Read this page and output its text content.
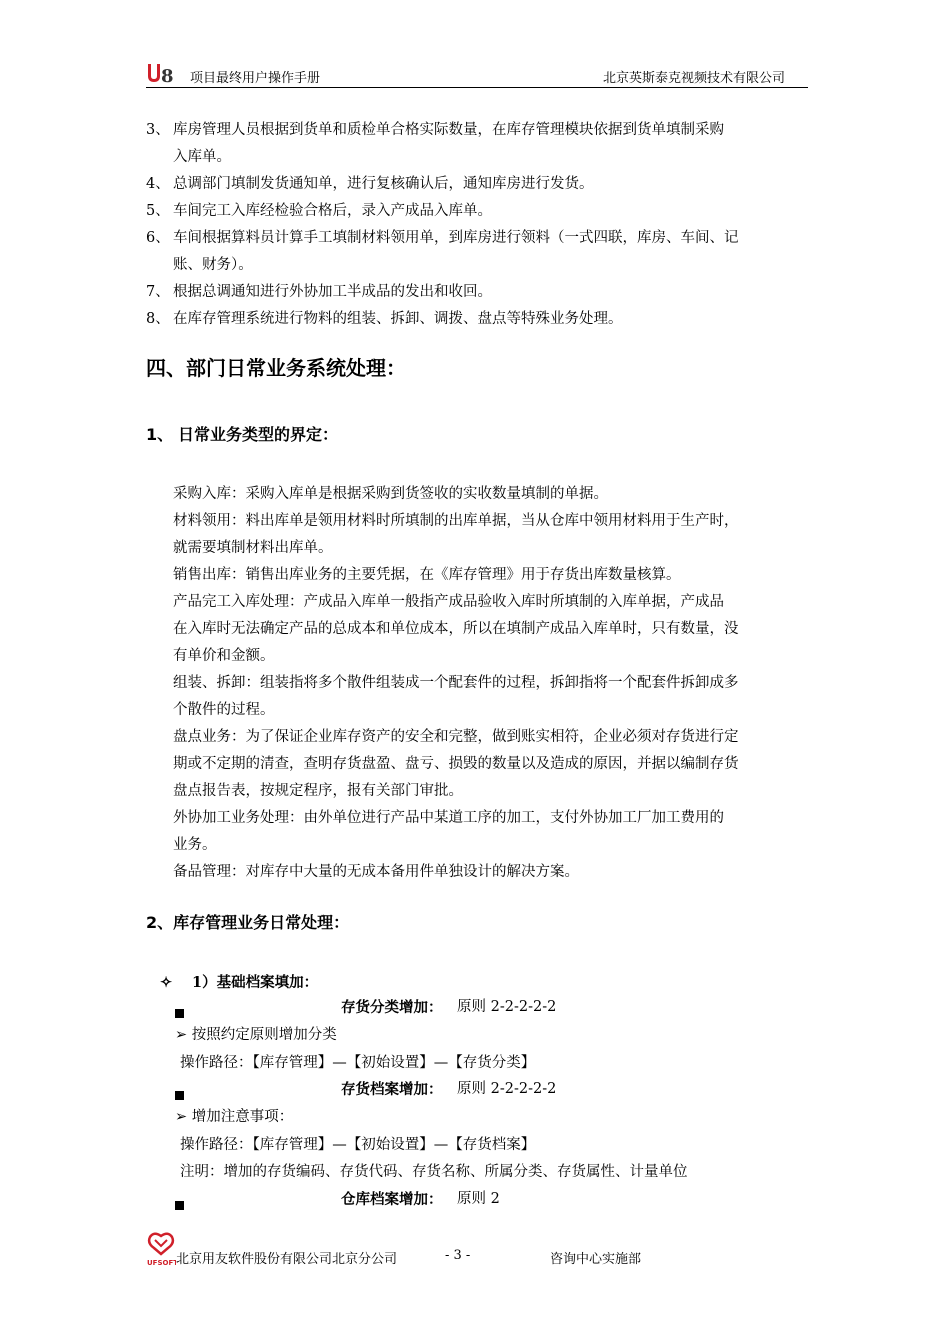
8 项目最终用户操作手册	北京英斯泰克视频技术有限公司
3、 库房管理人员根据到货单和质检单合格实际数量，在库存管理模块依据到货单填制采购
入库单。
4、 总调部门填制发货通知单，进行复核确认后，通知库房进行发货。
5、 车间完工入库经检验合格后，录入产成品入库单。
6、 车间根据算料员计算手工填制材料领用单，到库房进行领料（一式四联，库房、车间、记
账、财务）。
7、 根据总调通知进行外协加工半成品的发出和收回。
8、 在库存管理系统进行物料的组装、拆卸、调拨、盘点等特殊业务处理。
四、部门日常业务系统处理：
1、 日常业务类型的界定：
采购入库：采购入库单是根据采购到货签收的实收数量填制的单据。
材料领用：料出库单是领用材料时所填制的出库单据，当从仓库中领用材料用于生产时，
就需要填制材料出库单。
销售出库：销售出库业务的主要凭据，在《库存管理》用于存货出库数量核算。
产品完工入库处理：产成品入库单一般指产成品验收入库时所填制的入库单据，产成品
在入库时无法确定产品的总成本和单位成本，所以在填制产成品入库单时，只有数量，没
有单价和金额。
组装、拆卸：组装指将多个散件组装成一个配套件的过程，拆卸指将一个配套件拆卸成多
个散件的过程。
盘点业务：为了保证企业库存资产的安全和完整，做到账实相符，企业必须对存货进行定
期或不定期的清查，查明存货盘盈、盘亏、损毁的数量以及造成的原因，并据以编制存货
盘点报告表，按规定程序，报有关部门审批。
外协加工业务处理：由外单位进行产品中某道工序的加工，支付外协加工厂加工费用的
业务。
备品管理：对库存中大量的无成本备用件单独设计的解决方案。
2、库存管理业务日常处理：
✧ 1）基础档案填加：
存货分类增加： 原则 2-2-2-2-2
➢ 按照约定原则增加分类
操作路径：【库存管理】—【初始设置】—【存货分类】
存货档案增加： 原则 2-2-2-2-2
➢ 增加注意事项：
操作路径：【库存管理】—【初始设置】—【存货档案】
注明：增加的存货编码、存货代码、存货名称、所属分类、存货属性、计量单位
仓库档案增加： 原则 2
UFSOFT
北京用友软件股份有限公司北京分公司	- 3 -	咨询中心实施部
